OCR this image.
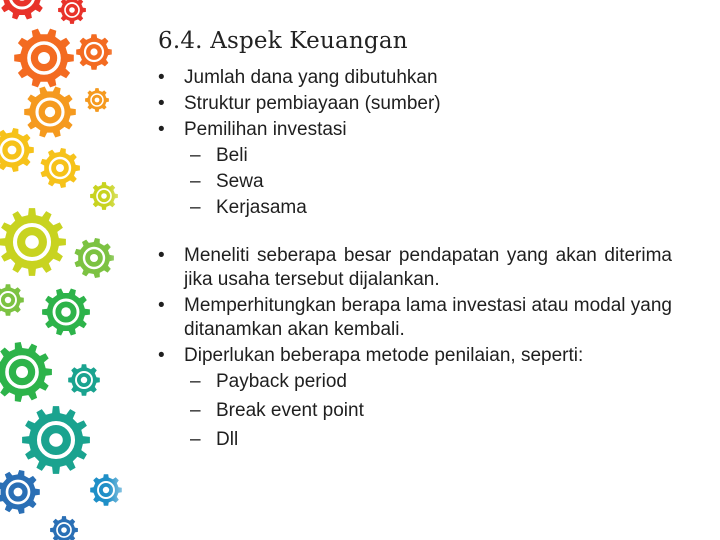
6.4. Aspek Keuangan
•	Jumlah dana yang dibutuhkan
•	Struktur pembiayaan (sumber)
•	Pemilihan investasi
– Beli
– Sewa
– Kerjasama
•	Meneliti seberapa besar pendapatan yang akan diterima jika usaha tersebut dijalankan.
•	Memperhitungkan berapa lama investasi atau modal yang ditanamkan akan kembali.
•	Diperlukan beberapa metode penilaian, seperti:
– Payback period
– Break event point
– Dll
